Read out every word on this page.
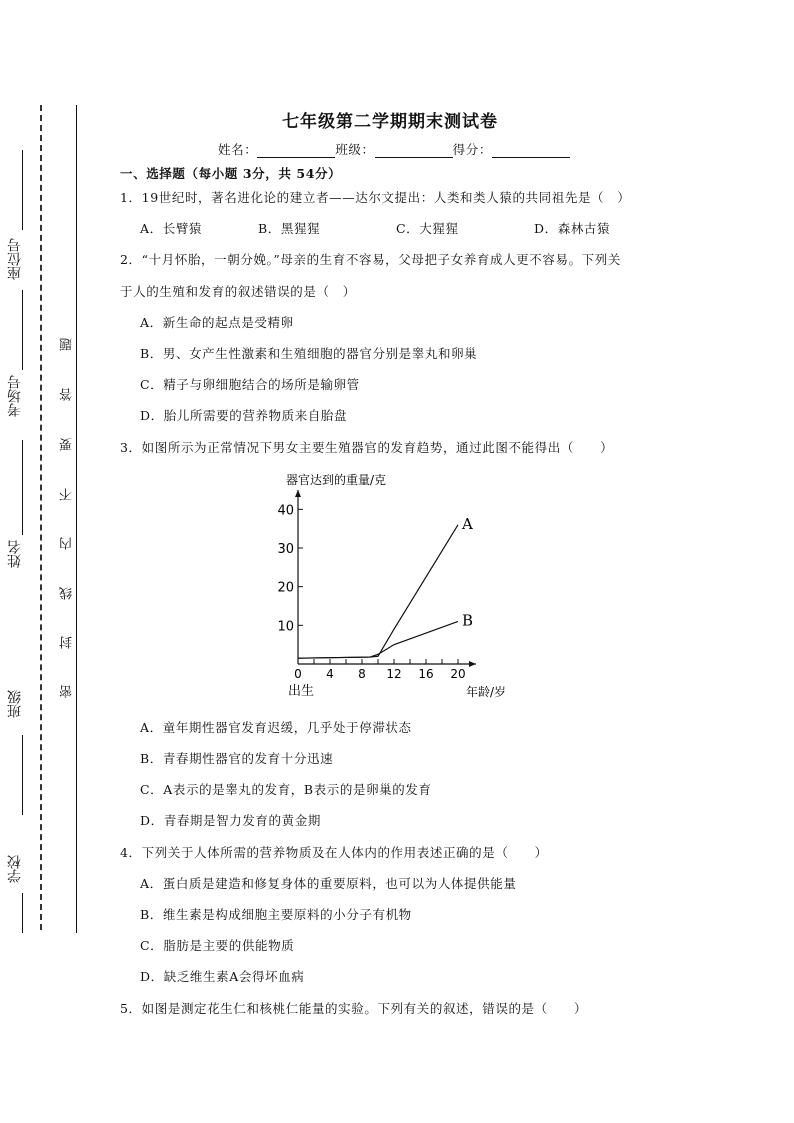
座位号
考场号
姓名
班级
学校
题
答
要
不
内
线
封
密
七年级第二学期期末测试卷
姓名：	班级：	得分：
一、选择题（每小题 3分，共 54分）
1．19世纪时，著名进化论的建立者——达尔文提出：人类和类人猿的共同祖先是（　）
A．长臂猿	B．黑猩猩	C．大猩猩	D．森林古猿
2．“十月怀胎，一朝分娩。”母亲的生育不容易，父母把子女养育成人更不容易。下列关
于人的生殖和发育的叙述错误的是（　）
A．新生命的起点是受精卵
B．男、女产生性激素和生殖细胞的器官分别是睾丸和卵巢
C．精子与卵细胞结合的场所是输卵管
D．胎儿所需要的营养物质来自胎盘
3．如图所示为正常情况下男女主要生殖器官的发育趋势，通过此图不能得出（　　）
器官达到的重量/克
年龄/岁
出生
0 4 8 12 16 20
10
20
30
40
A
B
A．童年期性器官发育迟缓，几乎处于停滞状态
B．青春期性器官的发育十分迅速
C．A表示的是睾丸的发育，B表示的是卵巢的发育
D．青春期是智力发育的黄金期
4．下列关于人体所需的营养物质及在人体内的作用表述正确的是（　　）
A．蛋白质是建造和修复身体的重要原料，也可以为人体提供能量
B．维生素是构成细胞主要原料的小分子有机物
C．脂肪是主要的供能物质
D．缺乏维生素A会得坏血病
5．如图是测定花生仁和核桃仁能量的实验。下列有关的叙述，错误的是（　　）
